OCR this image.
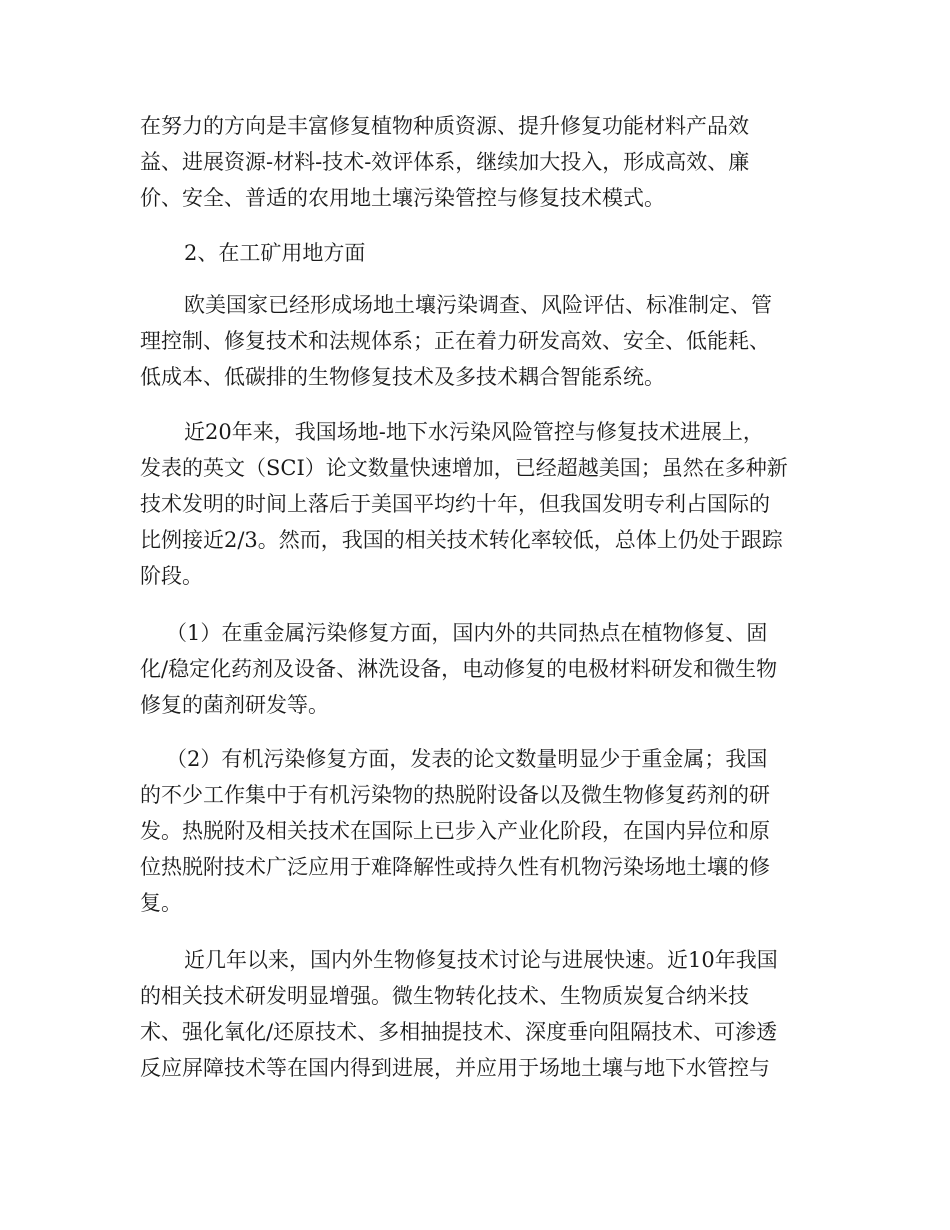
在努力的方向是丰富修复植物种质资源、提升修复功能材料产品效
益、进展资源-材料-技术-效评体系，继续加大投入，形成高效、廉
价、安全、普适的农用地土壤污染管控与修复技术模式。
2、在工矿用地方面
欧美国家已经形成场地土壤污染调查、风险评估、标准制定、管
理控制、修复技术和法规体系；正在着力研发高效、安全、低能耗、
低成本、低碳排的生物修复技术及多技术耦合智能系统。
近20年来，我国场地-地下水污染风险管控与修复技术进展上，
发表的英文（SCI）论文数量快速增加，已经超越美国；虽然在多种新
技术发明的时间上落后于美国平均约十年，但我国发明专利占国际的
比例接近2/3。然而，我国的相关技术转化率较低，总体上仍处于跟踪
阶段。
（1）在重金属污染修复方面，国内外的共同热点在植物修复、固
化/稳定化药剂及设备、淋洗设备，电动修复的电极材料研发和微生物
修复的菌剂研发等。
（2）有机污染修复方面，发表的论文数量明显少于重金属；我国
的不少工作集中于有机污染物的热脱附设备以及微生物修复药剂的研
发。热脱附及相关技术在国际上已步入产业化阶段，在国内异位和原
位热脱附技术广泛应用于难降解性或持久性有机物污染场地土壤的修
复。
近几年以来，国内外生物修复技术讨论与进展快速。近10年我国
的相关技术研发明显增强。微生物转化技术、生物质炭复合纳米技
术、强化氧化/还原技术、多相抽提技术、深度垂向阻隔技术、可渗透
反应屏障技术等在国内得到进展，并应用于场地土壤与地下水管控与
